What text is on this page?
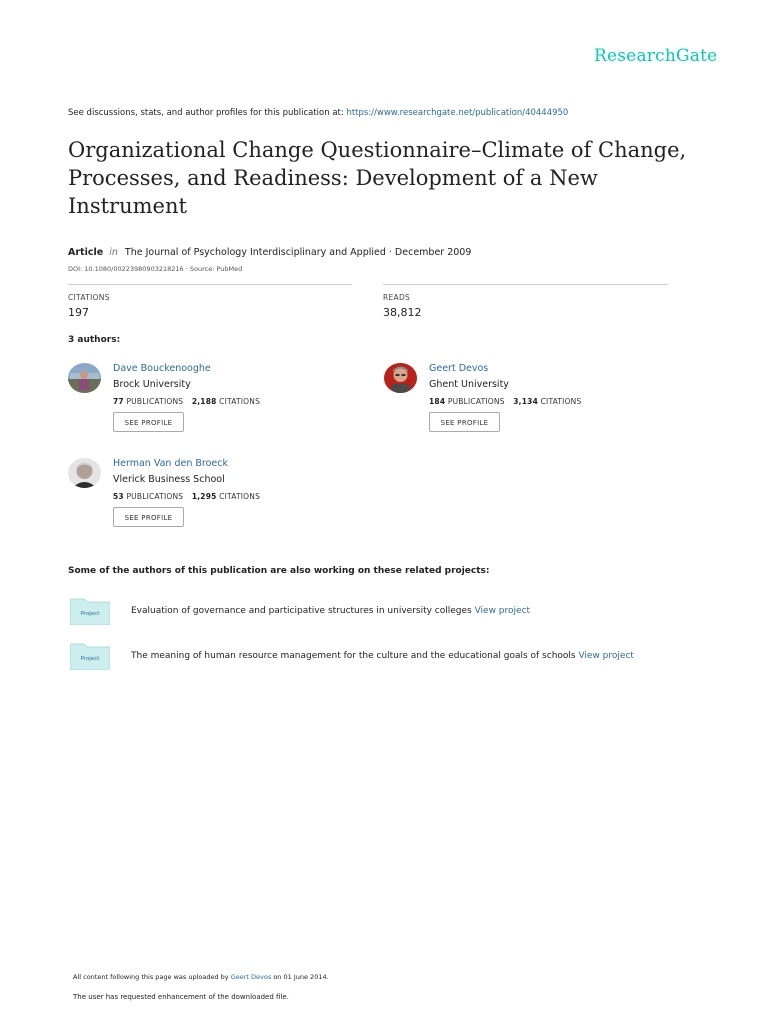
ResearchGate
See discussions, stats, and author profiles for this publication at: https://www.researchgate.net/publication/40444950
Organizational Change Questionnaire–Climate of Change, Processes, and Readiness: Development of a New Instrument
Article in The Journal of Psychology Interdisciplinary and Applied · December 2009
DOI: 10.1080/00223980903218216 · Source: PubMed
CITATIONS
197
READS
38,812
3 authors:
Dave Bouckenooghe
Brock University
77 PUBLICATIONS 2,188 CITATIONS
SEE PROFILE
Geert Devos
Ghent University
184 PUBLICATIONS 3,134 CITATIONS
SEE PROFILE
Herman Van den Broeck
Vlerick Business School
53 PUBLICATIONS 1,295 CITATIONS
SEE PROFILE
Some of the authors of this publication are also working on these related projects:
Project	Evaluation of governance and participative structures in university colleges View project
Project	The meaning of human resource management for the culture and the educational goals of schools View project
All content following this page was uploaded by Geert Devos on 01 June 2014.
The user has requested enhancement of the downloaded file.
